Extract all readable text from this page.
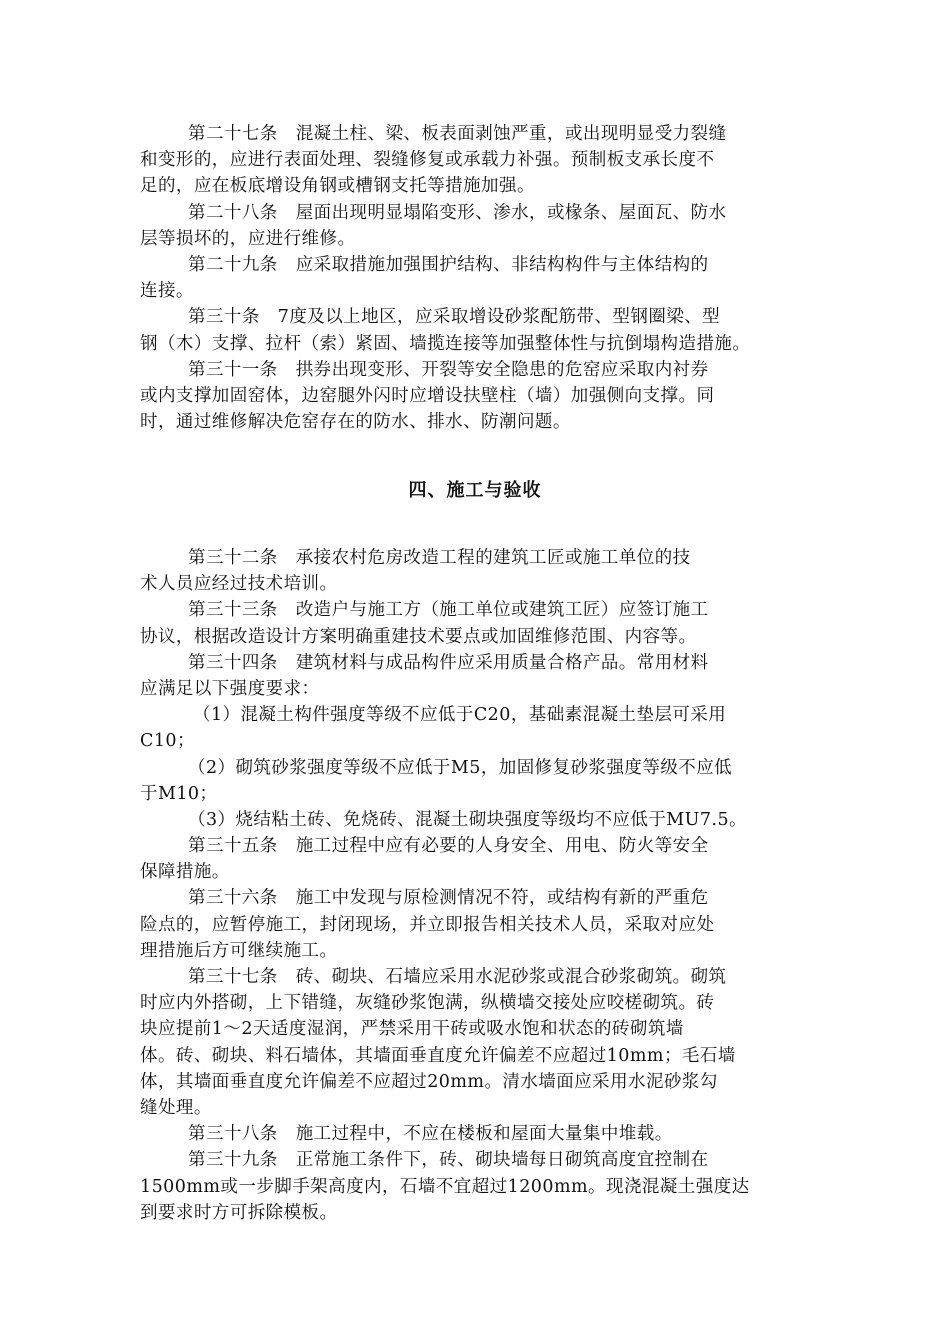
第二十七条　混凝土柱、梁、板表面剥蚀严重，或出现明显受力裂缝
和变形的，应进行表面处理、裂缝修复或承载力补强。预制板支承长度不
足的，应在板底增设角钢或槽钢支托等措施加强。
第二十八条　屋面出现明显塌陷变形、渗水，或椽条、屋面瓦、防水
层等损坏的，应进行维修。
第二十九条　应采取措施加强围护结构、非结构构件与主体结构的
连接。
第三十条　7度及以上地区，应采取增设砂浆配筋带、型钢圈梁、型
钢（木）支撑、拉杆（索）紧固、墙揽连接等加强整体性与抗倒塌构造措施。
第三十一条　拱券出现变形、开裂等安全隐患的危窑应采取内衬券
或内支撑加固窑体，边窑腿外闪时应增设扶壁柱（墙）加强侧向支撑。同
时，通过维修解决危窑存在的防水、排水、防潮问题。
四、施工与验收
第三十二条　承接农村危房改造工程的建筑工匠或施工单位的技
术人员应经过技术培训。
第三十三条　改造户与施工方（施工单位或建筑工匠）应签订施工
协议，根据改造设计方案明确重建技术要点或加固维修范围、内容等。
第三十四条　建筑材料与成品构件应采用质量合格产品。常用材料
应满足以下强度要求：
（1）混凝土构件强度等级不应低于C20，基础素混凝土垫层可采用
C10；
（2）砌筑砂浆强度等级不应低于M5，加固修复砂浆强度等级不应低
于M10；
（3）烧结粘土砖、免烧砖、混凝土砌块强度等级均不应低于MU7.5。
第三十五条　施工过程中应有必要的人身安全、用电、防火等安全
保障措施。
第三十六条　施工中发现与原检测情况不符，或结构有新的严重危
险点的，应暂停施工，封闭现场，并立即报告相关技术人员，采取对应处
理措施后方可继续施工。
第三十七条　砖、砌块、石墙应采用水泥砂浆或混合砂浆砌筑。砌筑
时应内外搭砌，上下错缝，灰缝砂浆饱满，纵横墙交接处应咬槎砌筑。砖
块应提前1～2天适度湿润，严禁采用干砖或吸水饱和状态的砖砌筑墙
体。砖、砌块、料石墙体，其墙面垂直度允许偏差不应超过10mm；毛石墙
体，其墙面垂直度允许偏差不应超过20mm。清水墙面应采用水泥砂浆勾
缝处理。
第三十八条　施工过程中，不应在楼板和屋面大量集中堆载。
第三十九条　正常施工条件下，砖、砌块墙每日砌筑高度宜控制在
1500mm或一步脚手架高度内，石墙不宜超过1200mm。现浇混凝土强度达
到要求时方可拆除模板。
